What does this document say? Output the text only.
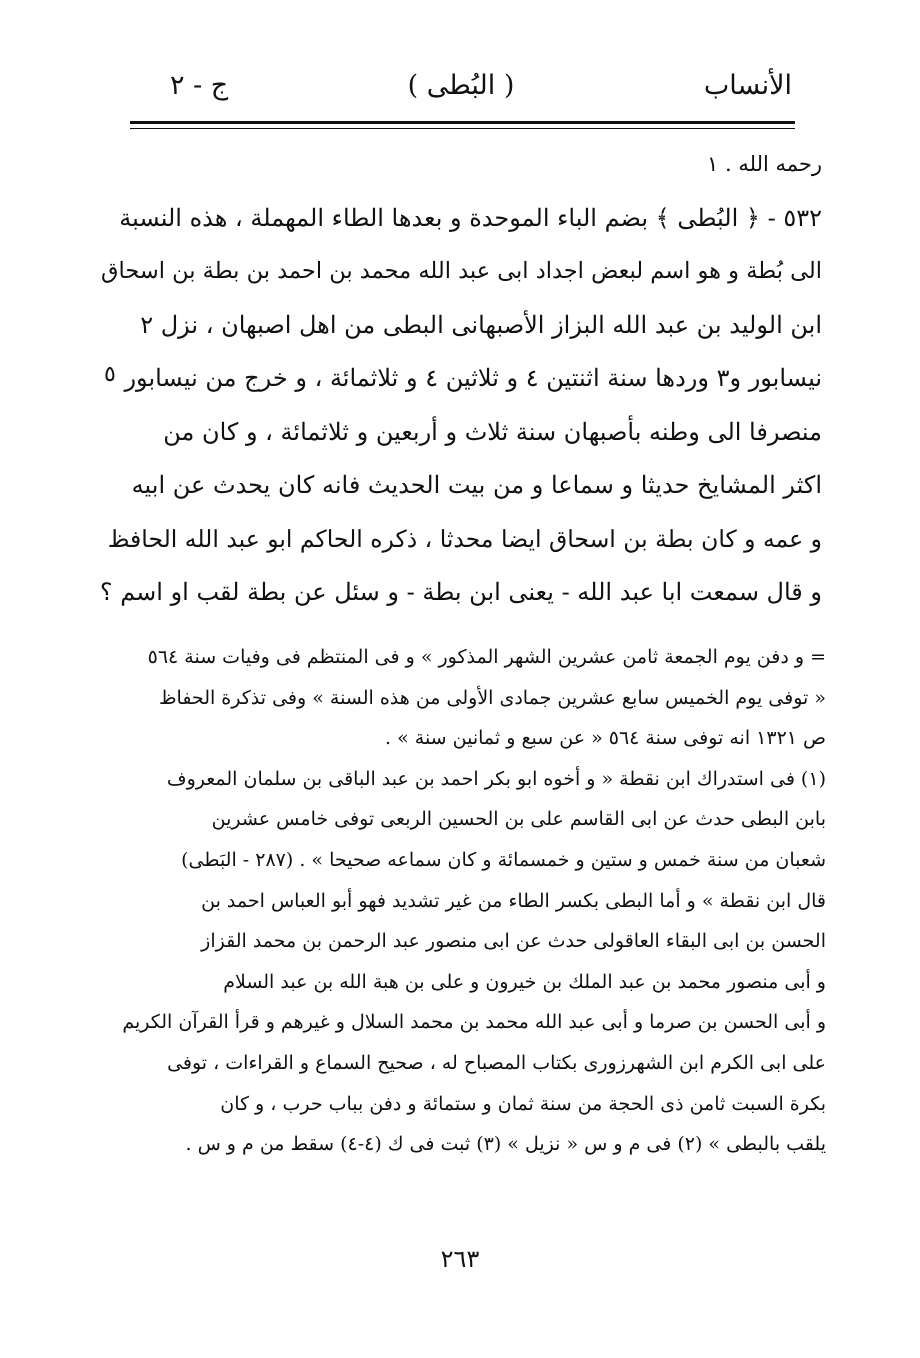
ج - ٢	( البُطى )	الأنساب
٥
رحمه الله . ١
٥٣٢ - ﴿ البُطى ﴾ بضم الباء الموحدة و بعدها الطاء المهملة ، هذه النسبة
الى بُطة و هو اسم لبعض اجداد ابى عبد الله محمد بن احمد بن بطة بن اسحاق
ابن الوليد بن عبد الله البزاز الأصبهانى البطى من اهل اصبهان ، نزل ٢
نيسابور و٣ وردها سنة اثنتين ٤ و ثلاثين ٤ و ثلاثمائة ، و خرج من نيسابور
منصرفا الى وطنه بأصبهان سنة ثلاث و أربعين و ثلاثمائة ، و كان من
اكثر المشايخ حديثا و سماعا و من بيت الحديث فانه كان يحدث عن ابيه
و عمه و كان بطة بن اسحاق ايضا محدثا ، ذكره الحاكم ابو عبد الله الحافظ
و قال سمعت ابا عبد الله - يعنى ابن بطة - و سئل عن بطة لقب او اسم ؟
= و دفن يوم الجمعة ثامن عشرين الشهر المذكور » و فى المنتظم فى وفيات سنة ٥٦٤
« توفى يوم الخميس سابع عشرين جمادى الأولى من هذه السنة » وفى تذكرة الحفاظ
ص ١٣٢١ انه توفى سنة ٥٦٤ « عن سبع و ثمانين سنة » .
(١) فى استدراك ابن نقطة « و أخوه ابو بكر احمد بن عبد الباقى بن سلمان المعروف
بابن البطى حدث عن ابى القاسم على بن الحسين الربعى توفى خامس عشرين
شعبان من سنة خمس و ستين و خمسمائة و كان سماعه صحيحا » . (٢٨٧ - البَطى)
قال ابن نقطة » و أما البطى بكسر الطاء من غير تشديد فهو أبو العباس احمد بن
الحسن بن ابى البقاء العاقولى حدث عن ابى منصور عبد الرحمن بن محمد القزاز
و أبى منصور محمد بن عبد الملك بن خيرون و على بن هبة الله بن عبد السلام
و أبى الحسن بن صرما و أبى عبد الله محمد بن محمد السلال و غيرهم و قرأ القرآن الكريم
على ابى الكرم ابن الشهرزورى بكتاب المصباح له ، صحيح السماع و القراءات ، توفى
بكرة السبت ثامن ذى الحجة من سنة ثمان و ستمائة و دفن بباب حرب ، و كان
يلقب بالبطى » (٢) فى م و س « نزيل » (٣) ثبت فى ك (٤-٤) سقط من م و س .
٢٦٣
